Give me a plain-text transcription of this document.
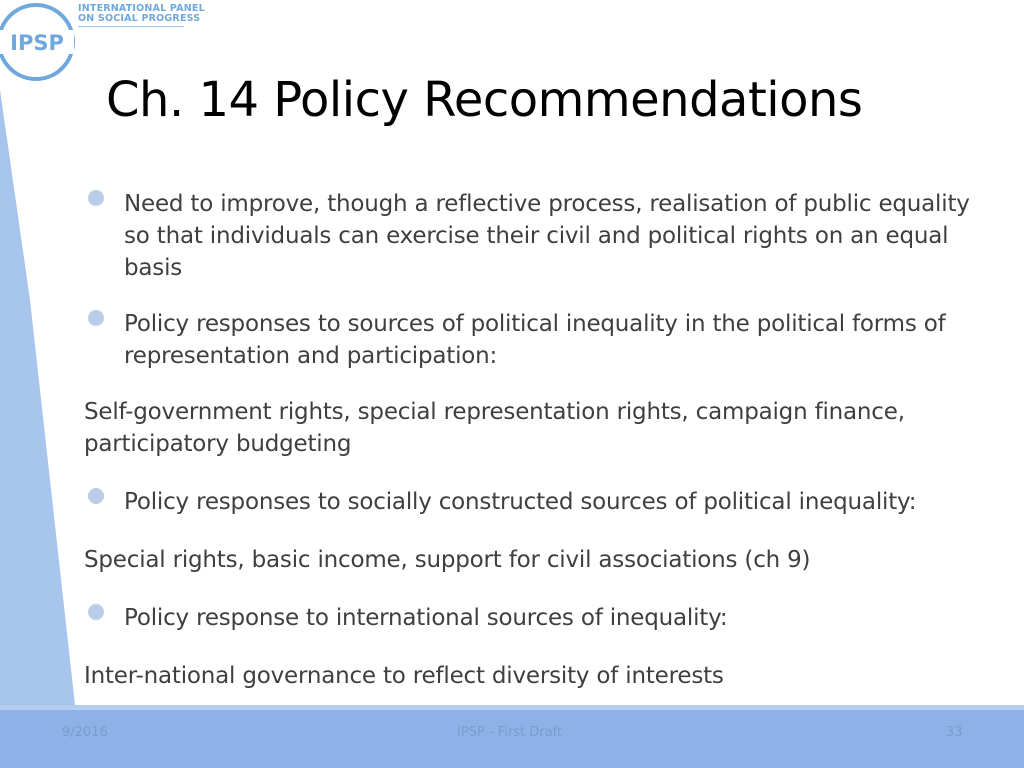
IPSP
INTERNATIONAL PANEL
ON SOCIAL PROGRESS
Ch. 14 Policy Recommendations
Need to improve, though a reflective process, realisation of public equality so that individuals can exercise their civil and political rights on an equal basis
Policy responses to sources of political inequality in the political forms of representation and participation:
Self-government rights, special representation rights, campaign finance, participatory budgeting
Policy responses to socially constructed sources of political inequality:
Special rights, basic income, support for civil associations (ch 9)
Policy response to international sources of inequality:
Inter-national governance to reflect diversity of interests
9/2016	IPSP - First Draft	33
